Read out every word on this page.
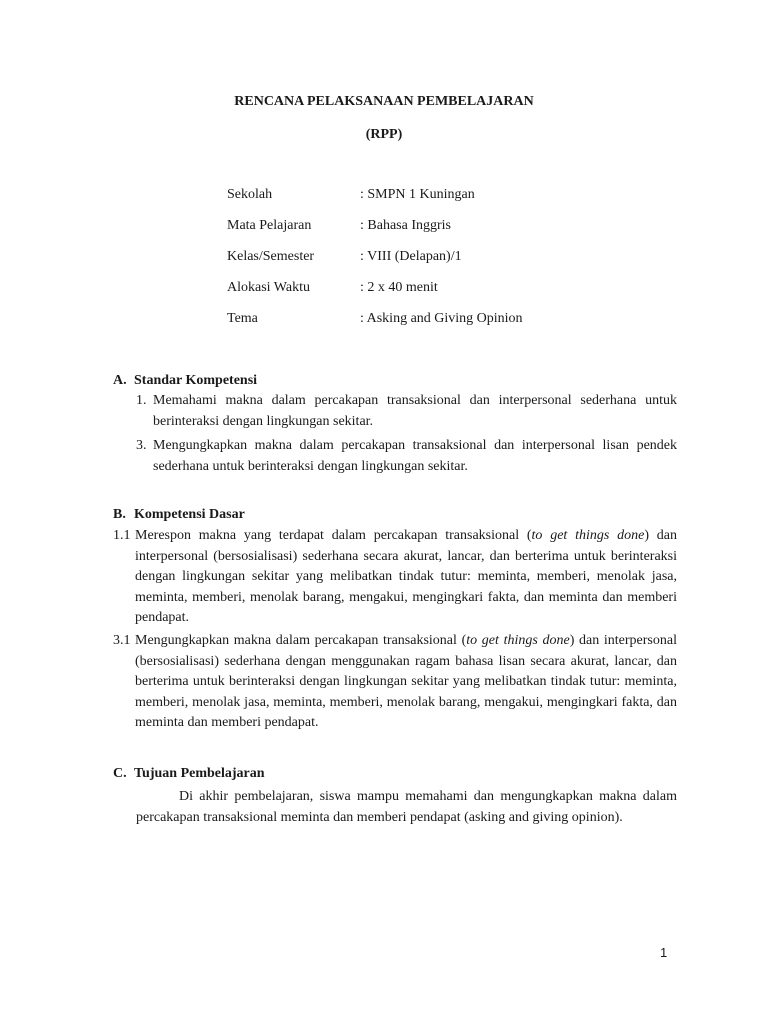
RENCANA PELAKSANAAN PEMBELAJARAN
(RPP)
Sekolah	: SMPN 1 Kuningan
Mata Pelajaran	: Bahasa Inggris
Kelas/Semester	: VIII (Delapan)/1
Alokasi Waktu	: 2 x 40 menit
Tema	: Asking and Giving Opinion
A. Standar Kompetensi
1. Memahami makna dalam percakapan transaksional dan interpersonal sederhana untuk berinteraksi dengan lingkungan sekitar.
3. Mengungkapkan makna dalam percakapan transaksional dan interpersonal lisan pendek sederhana untuk berinteraksi dengan lingkungan sekitar.
B. Kompetensi Dasar
1.1 Merespon makna yang terdapat dalam percakapan transaksional (to get things done) dan interpersonal (bersosialisasi) sederhana secara akurat, lancar, dan berterima untuk berinteraksi dengan lingkungan sekitar yang melibatkan tindak tutur: meminta, memberi, menolak jasa, meminta, memberi, menolak barang, mengakui, mengingkari fakta, dan meminta dan memberi pendapat.
3.1 Mengungkapkan makna dalam percakapan transaksional (to get things done) dan interpersonal (bersosialisasi) sederhana dengan menggunakan ragam bahasa lisan secara akurat, lancar, dan berterima untuk berinteraksi dengan lingkungan sekitar yang melibatkan tindak tutur: meminta, memberi, menolak jasa, meminta, memberi, menolak barang, mengakui, mengingkari fakta, dan meminta dan memberi pendapat.
C. Tujuan Pembelajaran
Di akhir pembelajaran, siswa mampu memahami dan mengungkapkan makna dalam percakapan transaksional meminta dan memberi pendapat (asking and giving opinion).
1
